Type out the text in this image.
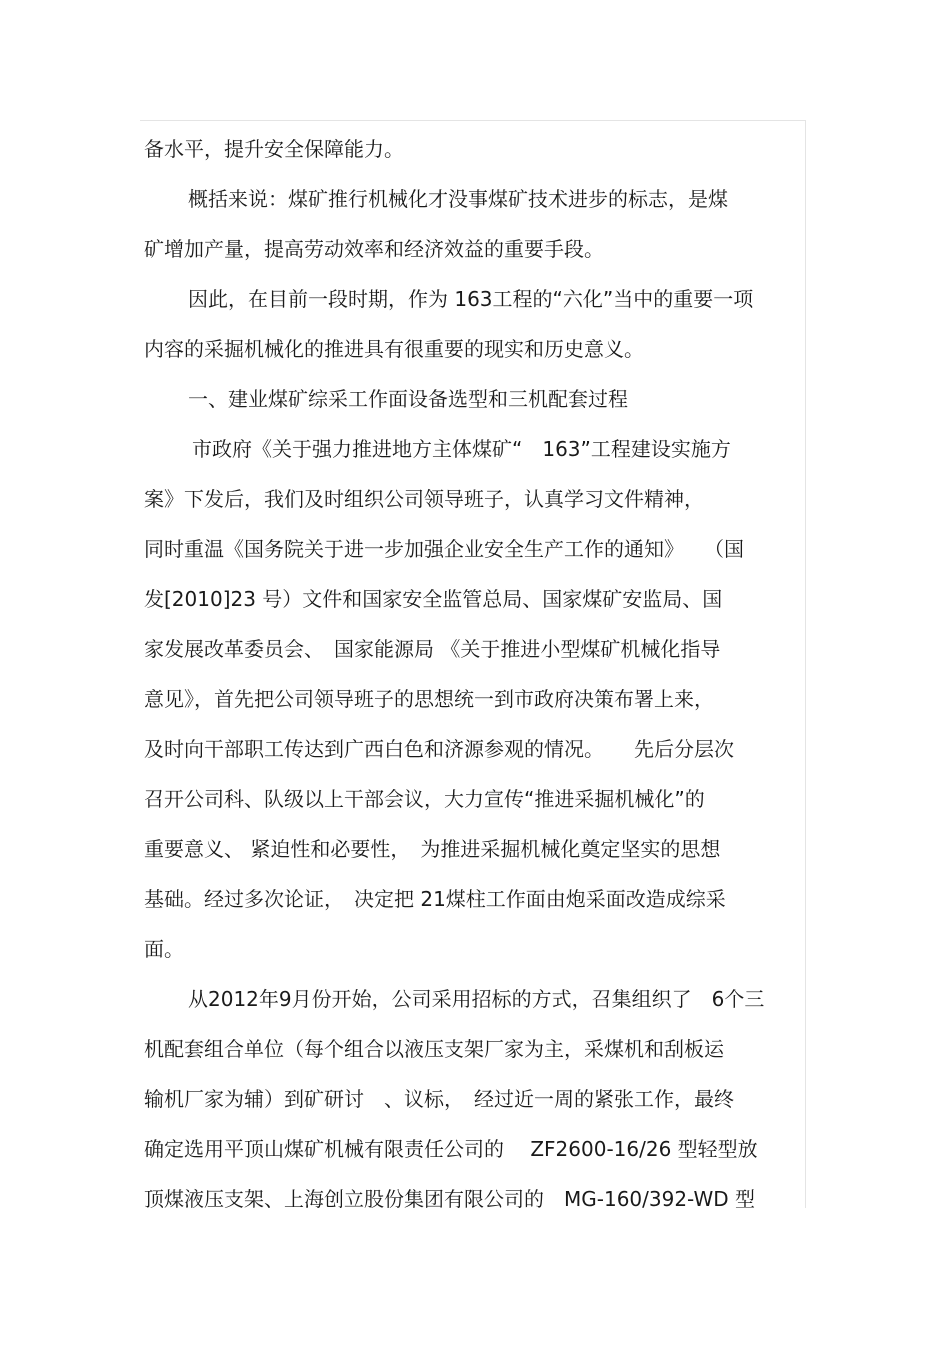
备水平，提升安全保障能力。
概括来说：煤矿推行机械化才没事煤矿技术进步的标志，是煤
矿增加产量，提高劳动效率和经济效益的重要手段。
因此，在目前一段时期，作为 163工程的“六化”当中的重要一项
内容的采掘机械化的推进具有很重要的现实和历史意义。
一、建业煤矿综采工作面设备选型和三机配套过程
市政府《关于强力推进地方主体煤矿“　163”工程建设实施方
案》下发后，我们及时组织公司领导班子，认真学习文件精神，
同时重温《国务院关于进一步加强企业安全生产工作的通知》　　（国
发[2010]23 号）文件和国家安全监管总局、国家煤矿安监局、国
家发展改革委员会、　国家能源局 《关于推进小型煤矿机械化指导
意见》，首先把公司领导班子的思想统一到市政府决策布署上来，
及时向干部职工传达到广西白色和济源参观的情况。　　先后分层次
召开公司科、队级以上干部会议，大力宣传“推进采掘机械化”的
重要意义、 紧迫性和必要性，　为推进采掘机械化奠定坚实的思想
基础。经过多次论证，　决定把 21煤柱工作面由炮采面改造成综采
面。
从2012年9月份开始，公司采用招标的方式，召集组织了　6个三
机配套组合单位（每个组合以液压支架厂家为主，采煤机和刮板运
输机厂家为辅）到矿研讨　、议标，　经过近一周的紧张工作，最终
确定选用平顶山煤矿机械有限责任公司的　 ZF2600-16/26 型轻型放
顶煤液压支架、上海创立股份集团有限公司的　MG-160/392-WD 型
